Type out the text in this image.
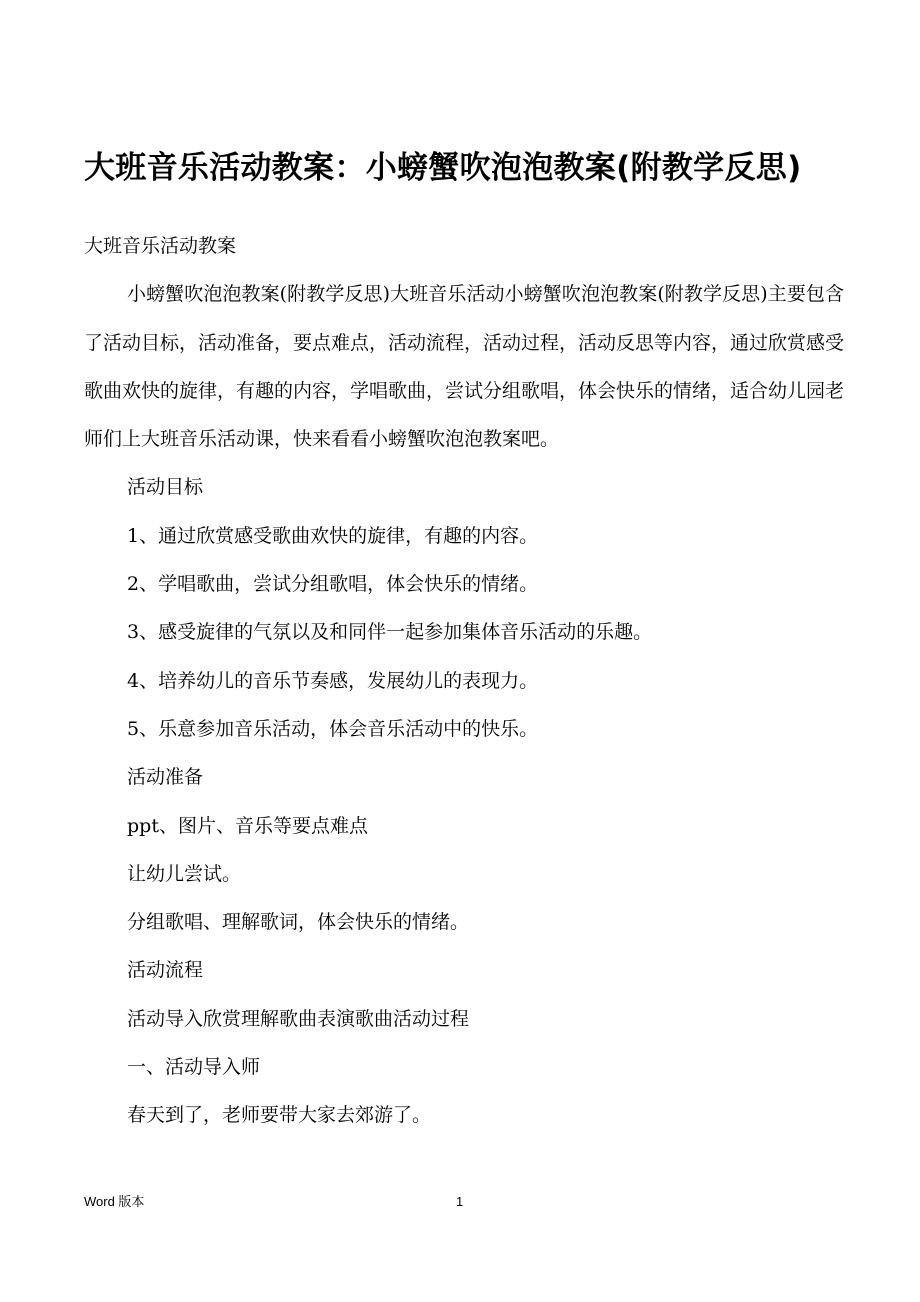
大班音乐活动教案：小螃蟹吹泡泡教案(附教学反思)
大班音乐活动教案
小螃蟹吹泡泡教案(附教学反思)大班音乐活动小螃蟹吹泡泡教案(附教学反思)主要包含了活动目标，活动准备，要点难点，活动流程，活动过程，活动反思等内容，通过欣赏感受歌曲欢快的旋律，有趣的内容，学唱歌曲，尝试分组歌唱，体会快乐的情绪，适合幼儿园老师们上大班音乐活动课，快来看看小螃蟹吹泡泡教案吧。
活动目标
1、通过欣赏感受歌曲欢快的旋律，有趣的内容。
2、学唱歌曲，尝试分组歌唱，体会快乐的情绪。
3、感受旋律的气氛以及和同伴一起参加集体音乐活动的乐趣。
4、培养幼儿的音乐节奏感，发展幼儿的表现力。
5、乐意参加音乐活动，体会音乐活动中的快乐。
活动准备
ppt、图片、音乐等要点难点
让幼儿尝试。
分组歌唱、理解歌词，体会快乐的情绪。
活动流程
活动导入欣赏理解歌曲表演歌曲活动过程
一、活动导入师
春天到了，老师要带大家去郊游了。
Word 版本	1
